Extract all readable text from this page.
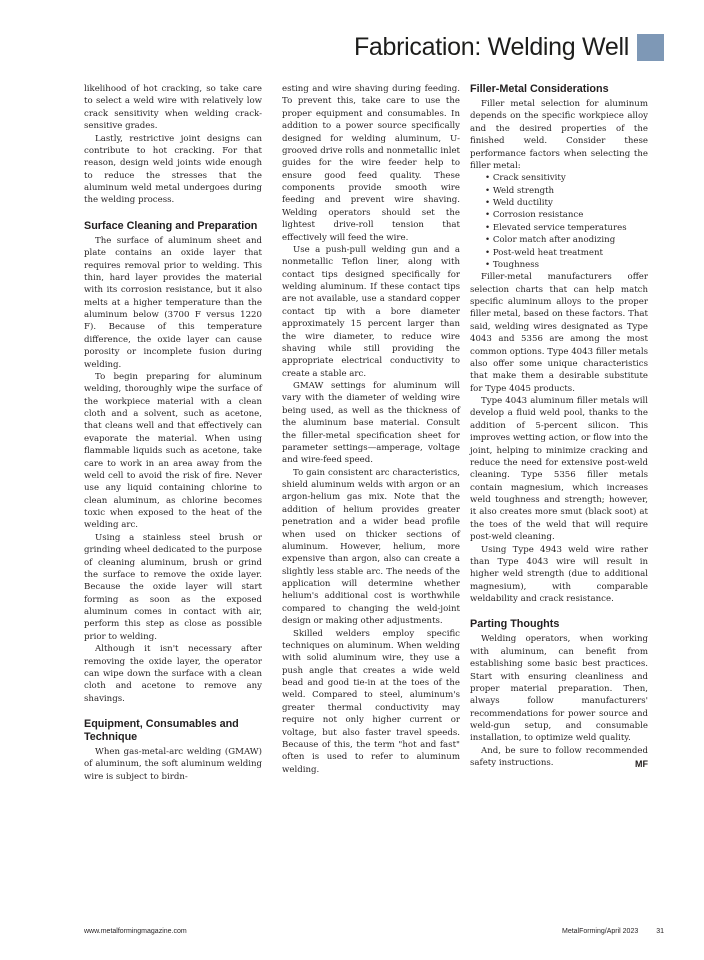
Fabrication: Welding Well

likelihood of hot cracking, so take care to select a weld wire with relatively low crack sensitivity when welding crack-sensitive grades.

Lastly, restrictive joint designs can contribute to hot cracking. For that reason, design weld joints wide enough to reduce the stresses that the aluminum weld metal undergoes during the welding process.

Surface Cleaning and Preparation

The surface of aluminum sheet and plate contains an oxide layer that requires removal prior to welding. This thin, hard layer provides the material with its corrosion resistance, but it also melts at a higher temperature than the aluminum below (3700 F versus 1220 F). Because of this temperature difference, the oxide layer can cause porosity or incomplete fusion during welding.

To begin preparing for aluminum welding, thoroughly wipe the surface of the workpiece material with a clean cloth and a solvent, such as acetone, that cleans well and that effectively can evaporate the material. When using flammable liquids such as acetone, take care to work in an area away from the weld cell to avoid the risk of fire. Never use any liquid containing chlorine to clean aluminum, as chlorine becomes toxic when exposed to the heat of the welding arc.

Using a stainless steel brush or grinding wheel dedicated to the purpose of cleaning aluminum, brush or grind the surface to remove the oxide layer. Because the oxide layer will start forming as soon as the exposed aluminum comes in contact with air, perform this step as close as possible prior to welding.

Although it isn't necessary after removing the oxide layer, the operator can wipe down the surface with a clean cloth and acetone to remove any shavings.

Equipment, Consumables and Technique

When gas-metal-arc welding (GMAW) of aluminum, the soft aluminum welding wire is subject to birdn-

esting and wire shaving during feeding. To prevent this, take care to use the proper equipment and consumables. In addition to a power source specifically designed for welding aluminum, U-grooved drive rolls and nonmetallic inlet guides for the wire feeder help to ensure good feed quality. These components provide smooth wire feeding and prevent wire shaving. Welding operators should set the lightest drive-roll tension that effectively will feed the wire.

Use a push-pull welding gun and a nonmetallic Teflon liner, along with contact tips designed specifically for welding aluminum. If these contact tips are not available, use a standard copper contact tip with a bore diameter approximately 15 percent larger than the wire diameter, to reduce wire shaving while still providing the appropriate electrical conductivity to create a stable arc.

GMAW settings for aluminum will vary with the diameter of welding wire being used, as well as the thickness of the aluminum base material. Consult the filler-metal specification sheet for parameter settings—amperage, voltage and wire-feed speed.

To gain consistent arc characteristics, shield aluminum welds with argon or an argon-helium gas mix. Note that the addition of helium provides greater penetration and a wider bead profile when used on thicker sections of aluminum. However, helium, more expensive than argon, also can create a slightly less stable arc. The needs of the application will determine whether helium's additional cost is worthwhile compared to changing the weld-joint design or making other adjustments.

Skilled welders employ specific techniques on aluminum. When welding with solid aluminum wire, they use a push angle that creates a wide weld bead and good tie-in at the toes of the weld. Compared to steel, aluminum's greater thermal conductivity may require not only higher current or voltage, but also faster travel speeds. Because of this, the term "hot and fast" often is used to refer to aluminum welding.

Filler-Metal Considerations

Filler metal selection for aluminum depends on the specific workpiece alloy and the desired properties of the finished weld. Consider these performance factors when selecting the filler metal:

• Crack sensitivity
• Weld strength
• Weld ductility
• Corrosion resistance
• Elevated service temperatures
• Color match after anodizing
• Post-weld heat treatment
• Toughness

Filler-metal manufacturers offer selection charts that can help match specific aluminum alloys to the proper filler metal, based on these factors. That said, welding wires designated as Type 4043 and 5356 are among the most common options. Type 4043 filler metals also offer some unique characteristics that make them a desirable substitute for Type 4045 products.

Type 4043 aluminum filler metals will develop a fluid weld pool, thanks to the addition of 5-percent silicon. This improves wetting action, or flow into the joint, helping to minimize cracking and reduce the need for extensive post-weld cleaning. Type 5356 filler metals contain magnesium, which increases weld toughness and strength; however, it also creates more smut (black soot) at the toes of the weld that will require post-weld cleaning.

Using Type 4943 weld wire rather than Type 4043 wire will result in higher weld strength (due to additional magnesium), with comparable weldability and crack resistance.

Parting Thoughts

Welding operators, when working with aluminum, can benefit from establishing some basic best practices. Start with ensuring cleanliness and proper material preparation. Then, always follow manufacturers' recommendations for power source and weld-gun setup, and consumable installation, to optimize weld quality.

And, be sure to follow recommended safety instructions.	MF

www.metalformingmagazine.com	MetalForming/April 2023	31
